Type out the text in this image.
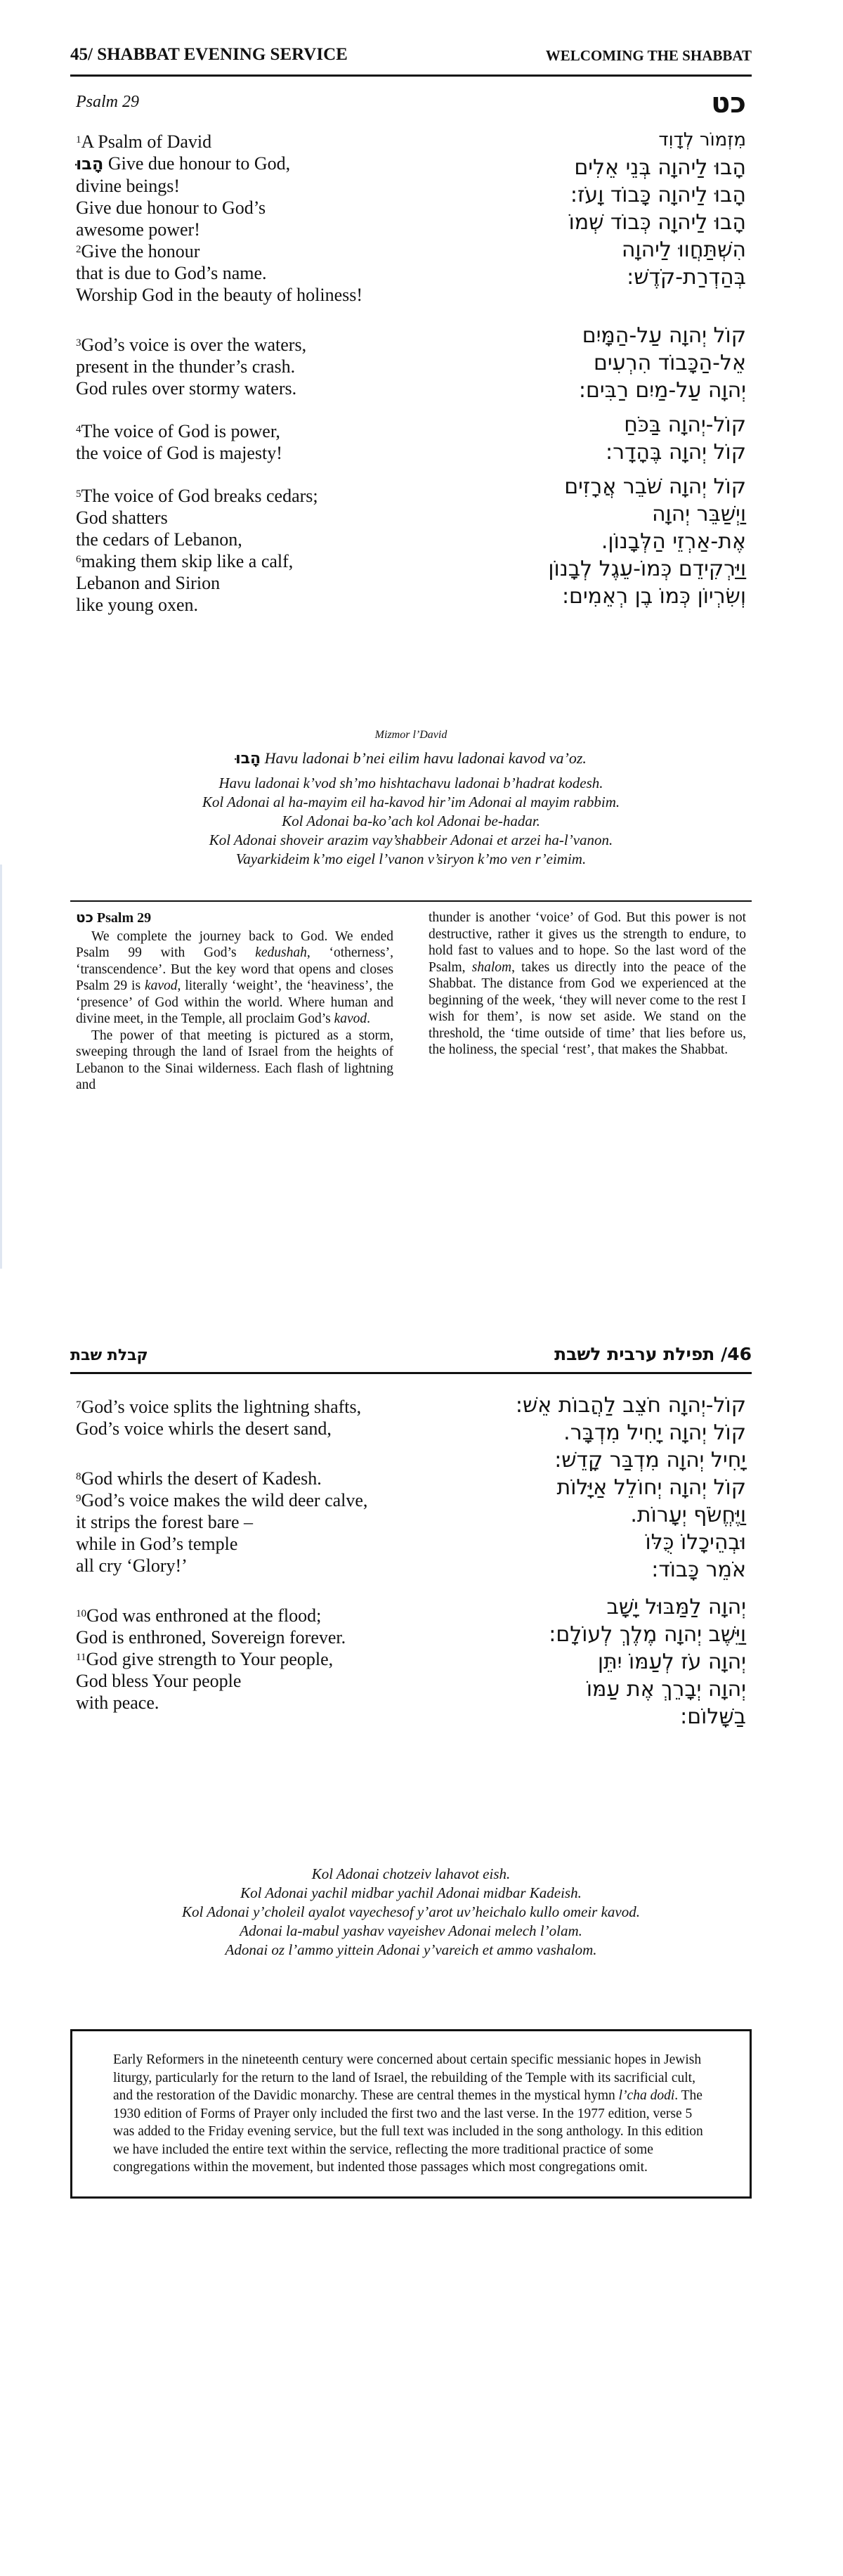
45/ SHABBAT EVENING SERVICE	WELCOMING THE SHABBAT
Psalm 29	כט
$^1$A Psalm of David
הָבוּ Give due honour to God,
divine beings!
Give due honour to God’s
awesome power!
$^2$Give the honour
that is due to God’s name.
Worship God in the beauty of holiness!
$^3$God’s voice is over the waters,
present in the thunder’s crash.
God rules over stormy waters.
$^4$The voice of God is power,
the voice of God is majesty!
$^5$The voice of God breaks cedars;
God shatters
the cedars of Lebanon,
$^6$making them skip like a calf,
Lebanon and Sirion
like young oxen.
מִזְמוֹר לְדָוִד
הָבוּ לַיהוָה בְּנֵי אֵלִים
הָבוּ לַיהוָה כָּבוֹד וָעֹז:
הָבוּ לַיהוָה כְּבוֹד שְׁמוֹ
הִשְׁתַּחֲווּ לַיהוָה
בְּהַדְרַת-קֹדֶשׁ:
קוֹל יְהוָה עַל-הַמָּיִם
אֵל-הַכָּבוֹד הִרְעִים
יְהוָה עַל-מַיִם רַבִּים:
קוֹל-יְהוָה בַּכֹּחַ
קוֹל יְהוָה בֶּהָדָר:
קוֹל יְהוָה שֹׁבֵר אֲרָזִים
וַיְשַׁבֵּר יְהוָה
אֶת-אַרְזֵי הַלְּבָנוֹן.
וַיַּרְקִידֵם כְּמוֹ-עֵגֶל לְבָנוֹן
וְשִׂרְיוֹן כְּמוֹ בֶן רְאֵמִים:
Mizmor l’David
הָבוּ Havu ladonai b’nei eilim havu ladonai kavod va’oz.
Havu ladonai k’vod sh’mo hishtachavu ladonai b’hadrat kodesh.
Kol Adonai al ha-mayim eil ha-kavod hir’im Adonai al mayim rabbim.
Kol Adonai ba-ko’ach kol Adonai be-hadar.
Kol Adonai shoveir arazim vay’shabbeir Adonai et arzei ha-l’vanon.
Vayarkideim k’mo eigel l’vanon v’siryon k’mo ven r’eimim.
כט Psalm 29

We complete the journey back to God. We ended Psalm 99 with God’s kedushah, ‘otherness’, ‘transcendence’. But the key word that opens and closes Psalm 29 is kavod, literally ‘weight’, the ‘heaviness’, the ‘presence’ of God within the world. Where human and divine meet, in the Temple, all proclaim God’s kavod.

The power of that meeting is pictured as a storm, sweeping through the land of Israel from the heights of Lebanon to the Sinai wilderness. Each flash of lightning and

thunder is another ‘voice’ of God. But this power is not destructive, rather it gives us the strength to endure, to hold fast to values and to hope. So the last word of the Psalm, shalom, takes us directly into the peace of the Shabbat. The distance from God we experienced at the beginning of the week, ‘they will never come to the rest I wish for them’, is now set aside. We stand on the threshold, the ‘time outside of time’ that lies before us, the holiness, the special ‘rest’, that makes the Shabbat.

קבלת שבת	46/ תפילת ערבית לשבת
$^7$God’s voice splits the lightning shafts,
God’s voice whirls the desert sand,
$^8$God whirls the desert of Kadesh.
$^9$God’s voice makes the wild deer calve,
it strips the forest bare –
while in God’s temple
all cry ‘Glory!’
$^{10}$God was enthroned at the flood;
God is enthroned, Sovereign forever.
$^{11}$God give strength to Your people,
God bless Your people
with peace.
קוֹל-יְהוָה חֹצֵב לַהֲבוֹת אֵשׁ:
קוֹל יְהוָה יָחִיל מִדְבָּר.
יָחִיל יְהוָה מִדְבַּר קָדֵשׁ:
קוֹל יְהוָה יְחוֹלֵל אַיָּלוֹת
וַיֶּחֱשֹׂף יְעָרוֹת.
וּבְהֵיכָלוֹ כֻּלּוֹ
אֹמֵר כָּבוֹד:
יְהוָה לַמַּבּוּל יָשָׁב
וַיֵּשֶׁב יְהוָה מֶלֶךְ לְעוֹלָם:
יְהוָה עֹז לְעַמּוֹ יִתֵּן
יְהוָה יְבָרֵךְ אֶת עַמּוֹ
בַשָּׁלוֹם:
Kol Adonai chotzeiv lahavot eish.
Kol Adonai yachil midbar yachil Adonai midbar Kadeish.
Kol Adonai y’choleil ayalot vayechesof y’arot uv’heichalo kullo omeir kavod.
Adonai la-mabul yashav vayeishev Adonai melech l’olam.
Adonai oz l’ammo yittein Adonai y’vareich et ammo vashalom.
Early Reformers in the nineteenth century were concerned about certain specific messianic hopes in Jewish liturgy, particularly for the return to the land of Israel, the rebuilding of the Temple with its sacrificial cult, and the restoration of the Davidic monarchy. These are central themes in the mystical hymn l’cha dodi. The 1930 edition of Forms of Prayer only included the first two and the last verse. In the 1977 edition, verse 5 was added to the Friday evening service, but the full text was included in the song anthology. In this edition we have included the entire text within the service, reflecting the more traditional practice of some congregations within the movement, but indented those passages which most congregations omit.
